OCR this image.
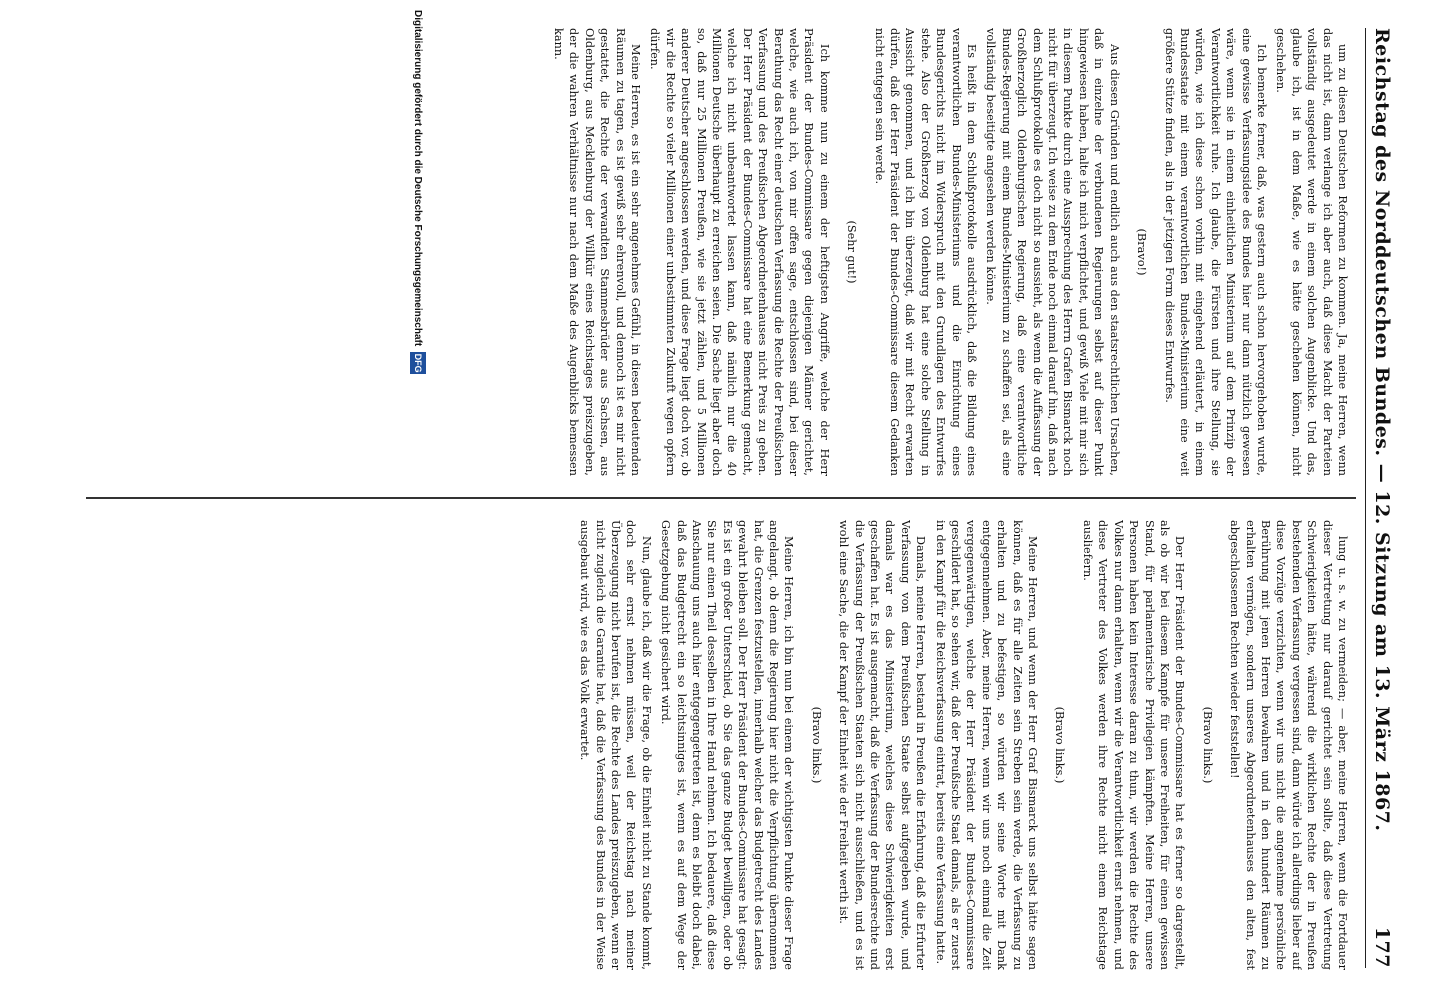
Reichstag des Norddeutschen Bundes. — 12. Sitzung am 13. März 1867.
177

um zu diesen Deutschen Reformen zu kommen. Ja, meine Herren, wenn das nicht ist, dann verlange ich aber auch, daß diese Macht der Parteien vollständig ausgedeutet werde in einem solchen Augenblicke. Und das, glaube ich, ist in dem Maße, wie es hätte geschehen können, nicht geschehen.

Ich bemerke ferner, daß, was gestern auch schon hervorgehoben wurde, eine gewisse Verfassungsidee des Bundes hier nur dann nützlich gewesen wäre, wenn sie in einem einheitlichen Ministerium auf dem Prinzip der Verantwortlichkeit ruhe. Ich glaube, die Fürsten und ihre Stellung, sie würden, wie ich diese schon vorhin mit eingehend erläutert, in einem Bundesstaate mit einem verantwortlichen Bundes-Ministerium eine weit größere Stütze finden, als in der jetzigen Form dieses Entwurfes.

(Bravo!)

Aus diesen Gründen und endlich auch aus den staatsrechtlichen Ursachen, daß in einzelne der verbundenen Regierungen selbst auf dieser Punkt hingewiesen haben, halte ich mich verpflichtet, und gewiß Viele mit mir sich in diesem Punkte durch eine Aussprechung des Herrn Grafen Bismarck noch nicht für überzeugt. Ich weise zu dem Ende noch einmal darauf hin, daß nach dem Schlußprotokolle es doch nicht so aussieht, als wenn die Auffassung der Großherzoglich Oldenburgischen Regierung, daß eine verantwortliche Bundes-Regierung mit einem Bundes-Ministerium zu schaffen sei, als eine vollständig beseitigte angesehen werden könne.

Es heißt in dem Schlußprotokolle ausdrücklich, daß die Bildung eines verantwortlichen Bundes-Ministeriums und die Einrichtung eines Bundesgerichts nicht im Widerspruch mit den Grundlagen des Entwurfes stehe. Also der Großherzog von Oldenburg hat eine solche Stellung in Aussicht genommen, und ich bin überzeugt, daß wir mit Recht erwarten dürfen, daß der Herr Präsident der Bundes-Commissare diesem Gedanken nicht entgegen sein werde.

(Sehr gut!)

Ich komme nun zu einem der heftigsten Angriffe, welche der Herr Präsident der Bundes-Commissare gegen diejenigen Männer gerichtet, welche, wie auch ich, von mir offen sage, entschlossen sind, bei dieser Berathung das Recht einer deutschen Verfassung die Rechte der Preußischen Verfassung und des Preußischen Abgeordnetenhauses nicht Preis zu geben. Der Herr Präsident der Bundes-Commissare hat eine Bemerkung gemacht, welche ich nicht unbeantwortet lassen kann, daß nämlich nur die 40 Millionen Deutsche überhaupt zu erreichen seien. Die Sache liegt aber doch so, daß nur 25 Millionen Preußen, wie sie jetzt zählen, und 5 Millionen anderer Deutscher angeschlossen werden, und diese Frage liegt doch vor, ob wir die Rechte so vieler Millionen einer unbestimmten Zukunft wegen opfern dürfen.

Meine Herren, es ist ein sehr angenehmes Gefühl, in diesen bedeutenden Räumen zu tagen, es ist gewiß sehr ehrenvoll, und dennoch ist es mir nicht gestattet, die Rechte der verwandten Stammesbrüder aus Sachsen, aus Oldenburg, aus Mecklenburg der Willkür eines Reichstages preiszugeben, der die wahren Verhältnisse nur nach dem Maße des Augenblicks bemessen kann.

lung u. s. w. zu vermeiden; — aber, meine Herren, wenn die Fortdauer dieser Vertretung nur darauf gerichtet sein sollte, daß diese Vertretung Schwierigkeiten hätte, während die wirklichen Rechte der in Preußen bestehenden Verfassung vergessen sind, dann würde ich allerdings lieber auf diese Vorzüge verzichten, wenn wir uns nicht die angenehme persönliche Berührung mit jenen Herren bewahren und in den hundert Räumen zu erhalten vermögen, sondern unseres Abgeordnetenhauses den alten, fest abgeschlossenen Rechten wieder feststellen!

(Bravo links.)

Der Herr Präsident der Bundes-Commissare hat es ferner so dargestellt, als ob wir bei diesem Kampfe für unsere Freiheiten, für einen gewissen Stand, für parlamentarische Privilegien kämpften. Meine Herren, unsere Personen haben kein Interesse daran zu thun, wir werden die Rechte des Volkes nur dann erhalten, wenn wir die Verantwortlichkeit ernst nehmen, und diese Vertreter des Volkes werden ihre Rechte nicht einem Reichstage ausliefern.

(Bravo links.)

Meine Herren, und wenn der Herr Graf Bismarck uns selbst hätte sagen können, daß es für alle Zeiten sein Streben sein werde, die Verfassung zu erhalten und zu befestigen, so würden wir seine Worte mit Dank entgegennehmen. Aber, meine Herren, wenn wir uns noch einmal die Zeit vergegenwärtigen, welche der Herr Präsident der Bundes-Commissare geschildert hat, so sehen wir, daß der Preußische Staat damals, als er zuerst in den Kampf für die Reichsverfassung eintrat, bereits eine Verfassung hatte.

Damals, meine Herren, bestand in Preußen die Erfahrung, daß die Erfurter Verfassung von dem Preußischen Staate selbst aufgegeben wurde, und damals war es das Ministerium, welches diese Schwierigkeiten erst geschaffen hat. Es ist ausgemacht, daß die Verfassung der Bundesrechte und die Verfassung der Preußischen Staaten sich nicht ausschließen, und es ist wohl eine Sache, die der Kampf der Einheit wie der Freiheit werth ist.

(Bravo links.)

Meine Herren, ich bin nun bei einem der wichtigsten Punkte dieser Frage angelangt, ob denn die Regierung hier nicht die Verpflichtung übernommen hat, die Grenzen festzustellen, innerhalb welcher das Budgetrecht des Landes gewahrt bleiben soll. Der Herr Präsident der Bundes-Commissare hat gesagt: Es ist ein großer Unterschied, ob Sie das ganze Budget bewilligen, oder ob Sie nur einen Theil desselben in Ihre Hand nehmen. Ich bedauere, daß diese Anschauung uns auch hier entgegengetreten ist, denn es bleibt doch dabei, daß das Budgetrecht ein so leichtsinniges ist, wenn es auf dem Wege der Gesetzgebung nicht gesichert wird.

Nun, glaube ich, daß wir die Frage, ob die Einheit nicht zu Stande kommt, doch sehr ernst nehmen müssen, weil der Reichstag nach meiner Überzeugung nicht berufen ist, die Rechte des Landes preiszugeben, wenn er nicht zugleich die Garantie hat, daß die Verfassung des Bundes in der Weise ausgebaut wird, wie es das Volk erwartet.

Digitalisierung gefördert durch die Deutsche Forschungsgemeinschaft
DFG
